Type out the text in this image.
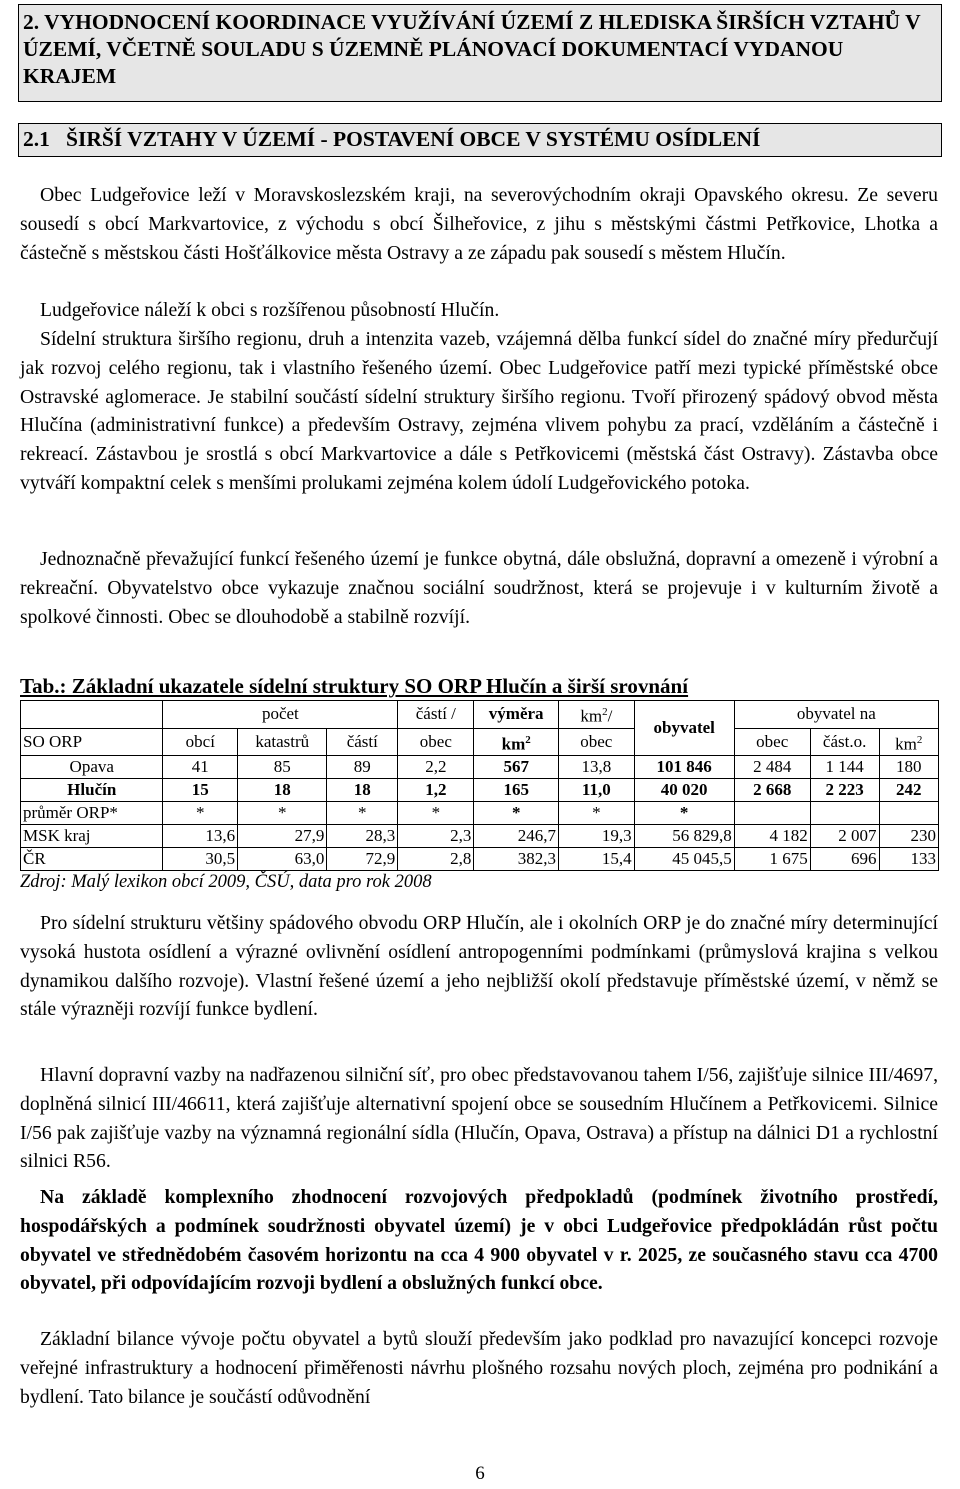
2. VYHODNOCENÍ KOORDINACE VYUŽÍVÁNÍ ÚZEMÍ Z HLEDISKA ŠIRŠÍCH VZTAHŮ V ÚZEMÍ, VČETNĚ SOULADU S ÚZEMNĚ PLÁNOVACÍ DOKUMENTACÍ VYDANOU KRAJEM
2.1   ŠIRŠÍ VZTAHY V ÚZEMÍ - POSTAVENÍ OBCE V SYSTÉMU OSÍDLENÍ
Obec Ludgeřovice leží v Moravskoslezském kraji, na severovýchodním okraji Opavského okresu. Ze severu sousedí s obcí Markvartovice, z východu s obcí Šilheřovice, z jihu s městskými částmi Petřkovice, Lhotka a částečně s městskou části Hošťálkovice města Ostravy a ze západu pak sousedí s městem Hlučín.
Ludgeřovice náleží k obci s rozšířenou působností Hlučín.
Sídelní struktura širšího regionu, druh a intenzita vazeb, vzájemná dělba funkcí sídel do značné míry předurčují jak rozvoj celého regionu, tak i vlastního řešeného území. Obec Ludgeřovice patří mezi typické příměstské obce Ostravské aglomerace. Je stabilní součástí sídelní struktury širšího regionu. Tvoří přirozený spádový obvod města Hlučína (administrativní funkce) a především Ostravy, zejména vlivem pohybu za prací, vzděláním a částečně i rekreací. Zástavbou je srostlá s obcí Markvartovice a dále s Petřkovicemi (městská část Ostravy). Zástavba obce vytváří kompaktní celek s menšími prolukami zejména kolem údolí Ludgeřovického potoka.
Jednoznačně převažující funkcí řešeného území je funkce obytná, dále obslužná, dopravní a omezeně i výrobní a rekreační. Obyvatelstvo obce vykazuje značnou sociální soudržnost, která se projevuje i v kulturním životě a spolkové činnosti. Obec se dlouhodobě a stabilně rozvíjí.
Tab.: Základní ukazatele sídelní struktury SO ORP Hlučín a širší srovnání
	počet			částí /	výměra	$km^2/$	obyvatel	obyvatel na		
SO ORP	obcí	katastrů	částí	obec	$km^2$	obec		obec	část.o.	$km^2$
Opava	41	85	89	2,2	567	13,8	101 846	2 484	1 144	180
Hlučín	15	18	18	1,2	165	11,0	40 020	2 668	2 223	242
průměr ORP*	*	*	*	*	*	*	*			
MSK kraj	13,6	27,9	28,3	2,3	246,7	19,3	56 829,8	4 182	2 007	230
ČR	30,5	63,0	72,9	2,8	382,3	15,4	45 045,5	1 675	696	133
Zdroj: Malý lexikon obcí 2009, ČSÚ, data pro rok 2008
Pro sídelní strukturu většiny spádového obvodu ORP Hlučín, ale i okolních ORP je do značné míry determinující vysoká hustota osídlení a výrazné ovlivnění osídlení antropogenními podmínkami (průmyslová krajina s velkou dynamikou dalšího rozvoje). Vlastní řešené území a jeho nejbližší okolí představuje příměstské území, v němž se stále výrazněji rozvíjí funkce bydlení.
Hlavní dopravní vazby na nadřazenou silniční síť, pro obec představovanou tahem I/56, zajišťuje silnice III/4697, doplněná silnicí III/46611, která zajišťuje alternativní spojení obce se sousedním Hlučínem a Petřkovicemi. Silnice I/56 pak zajišťuje vazby na významná regionální sídla (Hlučín, Opava, Ostrava) a přístup na dálnici D1 a rychlostní silnici R56.
Na základě komplexního zhodnocení rozvojových předpokladů (podmínek životního prostředí, hospodářských a podmínek soudržnosti obyvatel území) je v obci Ludgeřovice předpokládán růst počtu obyvatel ve střednědobém časovém horizontu na cca 4 900 obyvatel v r. 2025, ze současného stavu cca 4700 obyvatel, při odpovídajícím rozvoji bydlení a obslužných funkcí obce.
Základní bilance vývoje počtu obyvatel a bytů slouží především jako podklad pro navazující koncepci rozvoje veřejné infrastruktury a hodnocení přiměřenosti návrhu plošného rozsahu nových ploch, zejména pro podnikání a bydlení. Tato bilance je součástí odůvodnění
6
